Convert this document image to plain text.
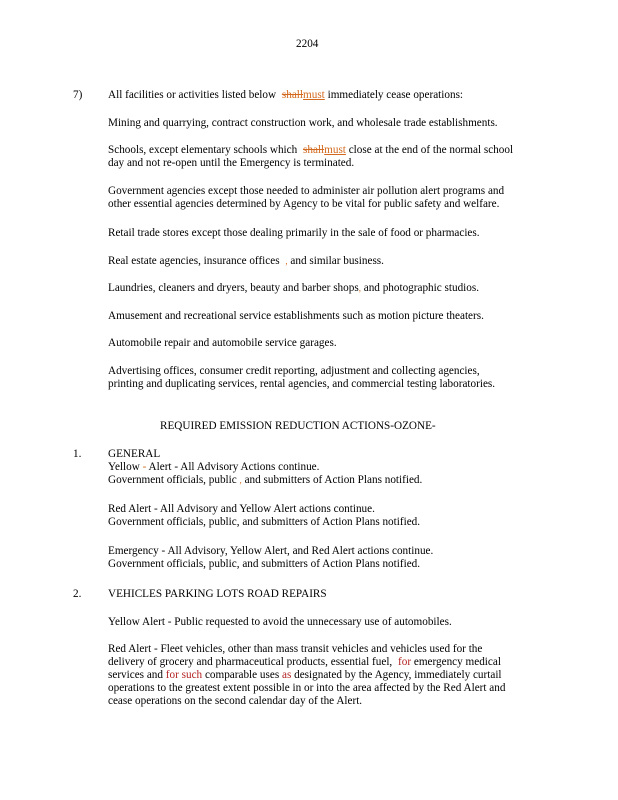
2204
7) All facilities or activities listed below shallmust immediately cease operations:
Mining and quarrying, contract construction work, and wholesale trade establishments.
Schools, except elementary schools which shallmust close at the end of the normal school
day and not re-open until the Emergency is terminated.
Government agencies except those needed to administer air pollution alert programs and
other essential agencies determined by Agency to be vital for public safety and welfare.
Retail trade stores except those dealing primarily in the sale of food or pharmacies.
Real estate agencies, insurance offices , and similar business.
Laundries, cleaners and dryers, beauty and barber shops, and photographic studios.
Amusement and recreational service establishments such as motion picture theaters.
Automobile repair and automobile service garages.
Advertising offices, consumer credit reporting, adjustment and collecting agencies,
printing and duplicating services, rental agencies, and commercial testing laboratories.
REQUIRED EMISSION REDUCTION ACTIONS-OZONE-
1. GENERAL
Yellow - Alert - All Advisory Actions continue.
Government officials, public , and submitters of Action Plans notified.
Red Alert - All Advisory and Yellow Alert actions continue.
Government officials, public, and submitters of Action Plans notified.
Emergency - All Advisory, Yellow Alert, and Red Alert actions continue.
Government officials, public, and submitters of Action Plans notified.
2. VEHICLES PARKING LOTS ROAD REPAIRS
Yellow Alert - Public requested to avoid the unnecessary use of automobiles.
Red Alert - Fleet vehicles, other than mass transit vehicles and vehicles used for the
delivery of grocery and pharmaceutical products, essential fuel, for emergency medical
services and for such comparable uses as designated by the Agency, immediately curtail
operations to the greatest extent possible in or into the area affected by the Red Alert and
cease operations on the second calendar day of the Alert.
